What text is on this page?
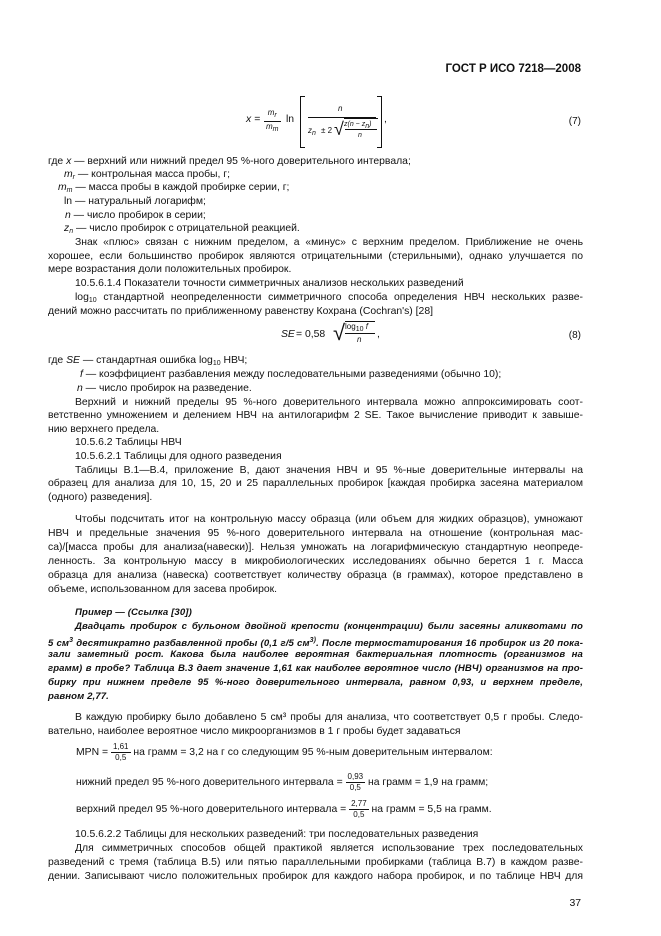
ГОСТ Р ИСО 7218—2008
$x = \frac{mr}{mm}$ ln
n
zn ± 2 √ z(n − zn)
n
,	(7)
где x — верхний или нижний предел 95 %-ного доверительного интервала;
$m_r$ — контрольная масса пробы, г;
$m_m$ — масса пробы в каждой пробирке серии, г;
ln — натуральный логарифм;
n — число пробирок в серии;
$z_n$ — число пробирок с отрицательной реакцией.
Знак «плюс» связан с нижним пределом, а «минус» с верхним пределом. Приближение не очень
хорошее, если большинство пробирок являются отрицательными (стерильными), однако улучшается по
мере возрастания доли положительных пробирок.
10.5.6.1.4 Показатели точности симметричных анализов нескольких разведений
$\log_{10}$ стандартной неопределенности симметричного способа определения НВЧ нескольких разве-
дений можно рассчитать по приближенному равенству Кохрана (Cochran's) [28]
SE = 0,58 √ log10 f
n ,	(8)
где SE — стандартная ошибка $\log_{10}$ НВЧ;
f — коэффициент разбавления между последовательными разведениями (обычно 10);
n — число пробирок на разведение.
Верхний и нижний пределы 95 %-ного доверительного интервала можно аппроксимировать соот-
ветственно умножением и делением НВЧ на антилогарифм 2 SE. Такое вычисление приводит к завыше-
нию верхнего предела.
10.5.6.2 Таблицы НВЧ
10.5.6.2.1 Таблицы для одного разведения
Таблицы В.1—В.4, приложение В, дают значения НВЧ и 95 %-ные доверительные интервалы на
образец для анализа для 10, 15, 20 и 25 параллельных пробирок [каждая пробирка засеяна материалом
(одного) разведения].
Чтобы подсчитать итог на контрольную массу образца (или объем для жидких образцов), умножают
НВЧ и предельные значения 95 %-ного доверительного интервала на отношение (контрольная мас-
са)/[масса пробы для анализа(навески)]. Нельзя умножать на логарифмическую стандартную неопреде-
ленность. За контрольную массу в микробиологических исследованиях обычно берется 1 г. Масса
образца для анализа (навеска) соответствует количеству образца (в граммах), которое представлено в
объеме, использованном для засева пробирок.
Пример — (Ссылка [30])
Двадцать пробирок с бульоном двойной крепости (концентрации) были засеяны аликвотами по
5 $см^3$ десятикратно разбавленной пробы (0,1 г/5 $см^{3)}$. После термостатирования 16 пробирок из 20 пока-
зали заметный рост. Какова была наиболее вероятная бактериальная плотность (организмов на
грамм) в пробе? Таблица В.3 дает значение 1,61 как наиболее вероятное число (НВЧ) организмов на про-
бирку при нижнем пределе 95 %-ного доверительного интервала, равном 0,93, и верхнем пределе,
равном 2,77.
В каждую пробирку было добавлено 5 см³ пробы для анализа, что соответствует 0,5 г пробы. Следо-
вательно, наиболее вероятное число микроорганизмов в 1 г пробы будет задаваться
MPN = $\frac{1,61}{0,5}$ на грамм = 3,2 на г со следующим 95 %-ным доверительным интервалом:
нижний предел 95 %-ного доверительного интервала = $\frac{0,93}{0,5}$ на грамм = 1,9 на грамм;
верхний предел 95 %-ного доверительного интервала = $\frac{2,77}{0,5}$ на грамм = 5,5 на грамм.
10.5.6.2.2 Таблицы для нескольких разведений: три последовательных разведения
Для симметричных способов общей практикой является использование трех последовательных
разведений с тремя (таблица В.5) или пятью параллельными пробирками (таблица В.7) в каждом разве-
дении. Записывают число положительных пробирок для каждого набора пробирок, и по таблице НВЧ для
37
